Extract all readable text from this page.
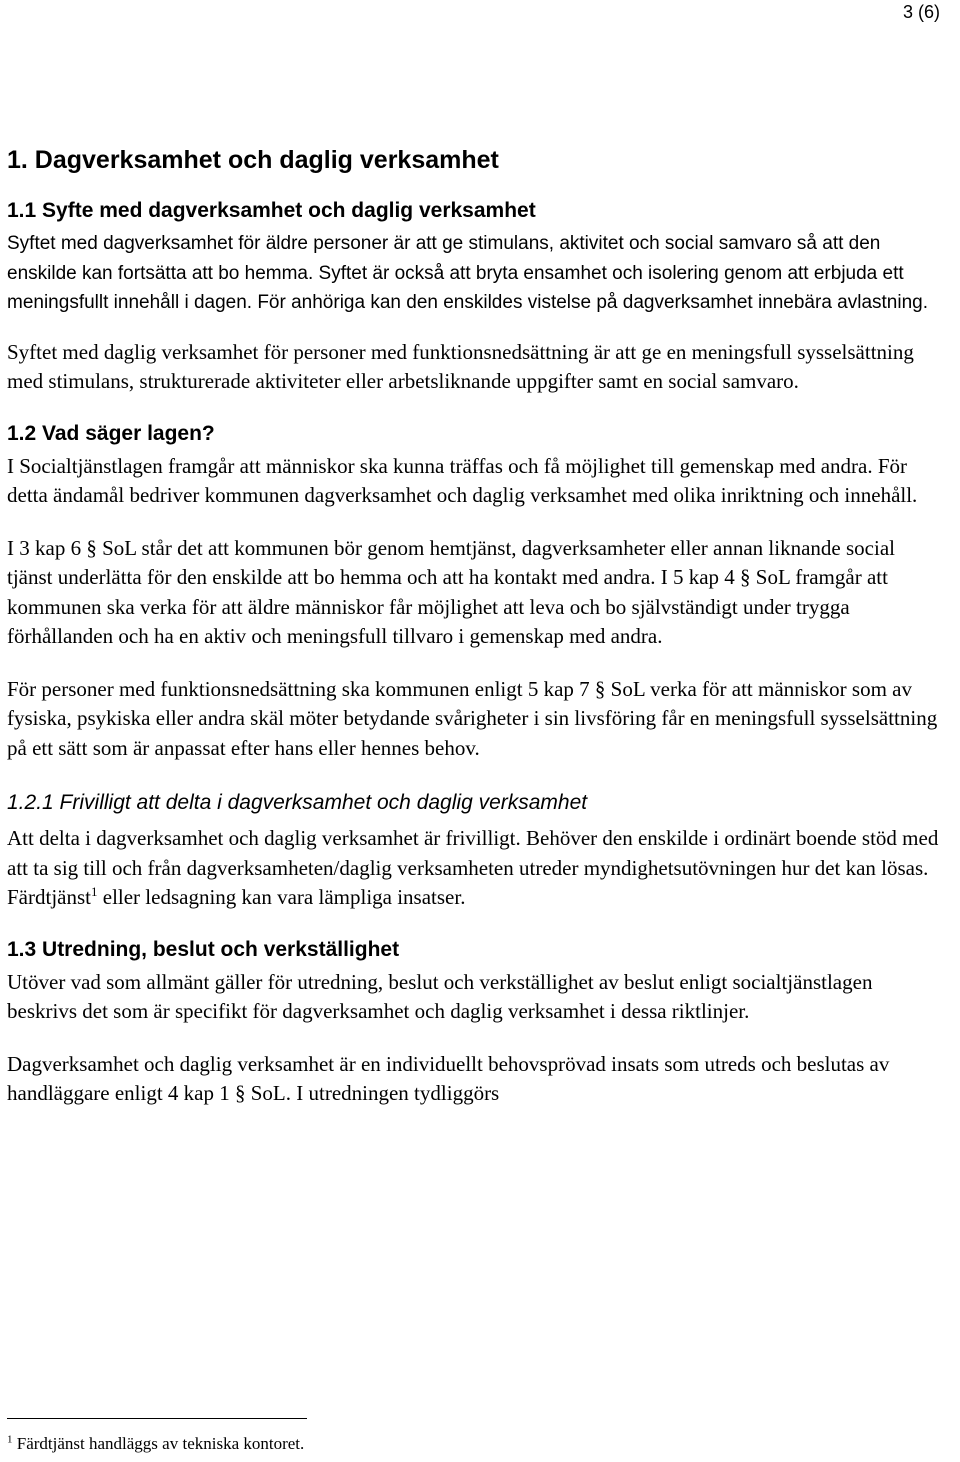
3 (6)
1. Dagverksamhet och daglig verksamhet
1.1 Syfte med dagverksamhet och daglig verksamhet
Syftet med dagverksamhet för äldre personer är att ge stimulans, aktivitet och social samvaro så att den enskilde kan fortsätta att bo hemma. Syftet är också att bryta ensamhet och isolering genom att erbjuda ett meningsfullt innehåll i dagen. För anhöriga kan den enskildes vistelse på dagverksamhet innebära avlastning.

Syftet med daglig verksamhet för personer med funktionsnedsättning är att ge en meningsfull sysselsättning med stimulans, strukturerade aktiviteter eller arbetsliknande uppgifter samt en social samvaro.

1.2 Vad säger lagen?

I Socialtjänstlagen framgår att människor ska kunna träffas och få möjlighet till gemenskap med andra. För detta ändamål bedriver kommunen dagverksamhet och daglig verksamhet med olika inriktning och innehåll.

I 3 kap 6 § SoL står det att kommunen bör genom hemtjänst, dagverksamheter eller annan liknande social tjänst underlätta för den enskilde att bo hemma och att ha kontakt med andra. I 5 kap 4 § SoL framgår att kommunen ska verka för att äldre människor får möjlighet att leva och bo självständigt under trygga förhållanden och ha en aktiv och meningsfull tillvaro i gemenskap med andra.

För personer med funktionsnedsättning ska kommunen enligt 5 kap 7 § SoL verka för att människor som av fysiska, psykiska eller andra skäl möter betydande svårigheter i sin livsföring får en meningsfull sysselsättning på ett sätt som är anpassat efter hans eller hennes behov.

1.2.1 Frivilligt att delta i dagverksamhet och daglig verksamhet

Att delta i dagverksamhet och daglig verksamhet är frivilligt. Behöver den enskilde i ordinärt boende stöd med att ta sig till och från dagverksamheten/daglig verksamheten utreder myndighetsutövningen hur det kan lösas. Färdtjänst$^1$ eller ledsagning kan vara lämpliga insatser.

1.3 Utredning, beslut och verkställighet

Utöver vad som allmänt gäller för utredning, beslut och verkställighet av beslut enligt socialtjänstlagen beskrivs det som är specifikt för dagverksamhet och daglig verksamhet i dessa riktlinjer.

Dagverksamhet och daglig verksamhet är en individuellt behovsprövad insats som utreds och beslutas av handläggare enligt 4 kap 1 § SoL. I utredningen tydliggörs

$^1$ Färdtjänst handläggs av tekniska kontoret.
